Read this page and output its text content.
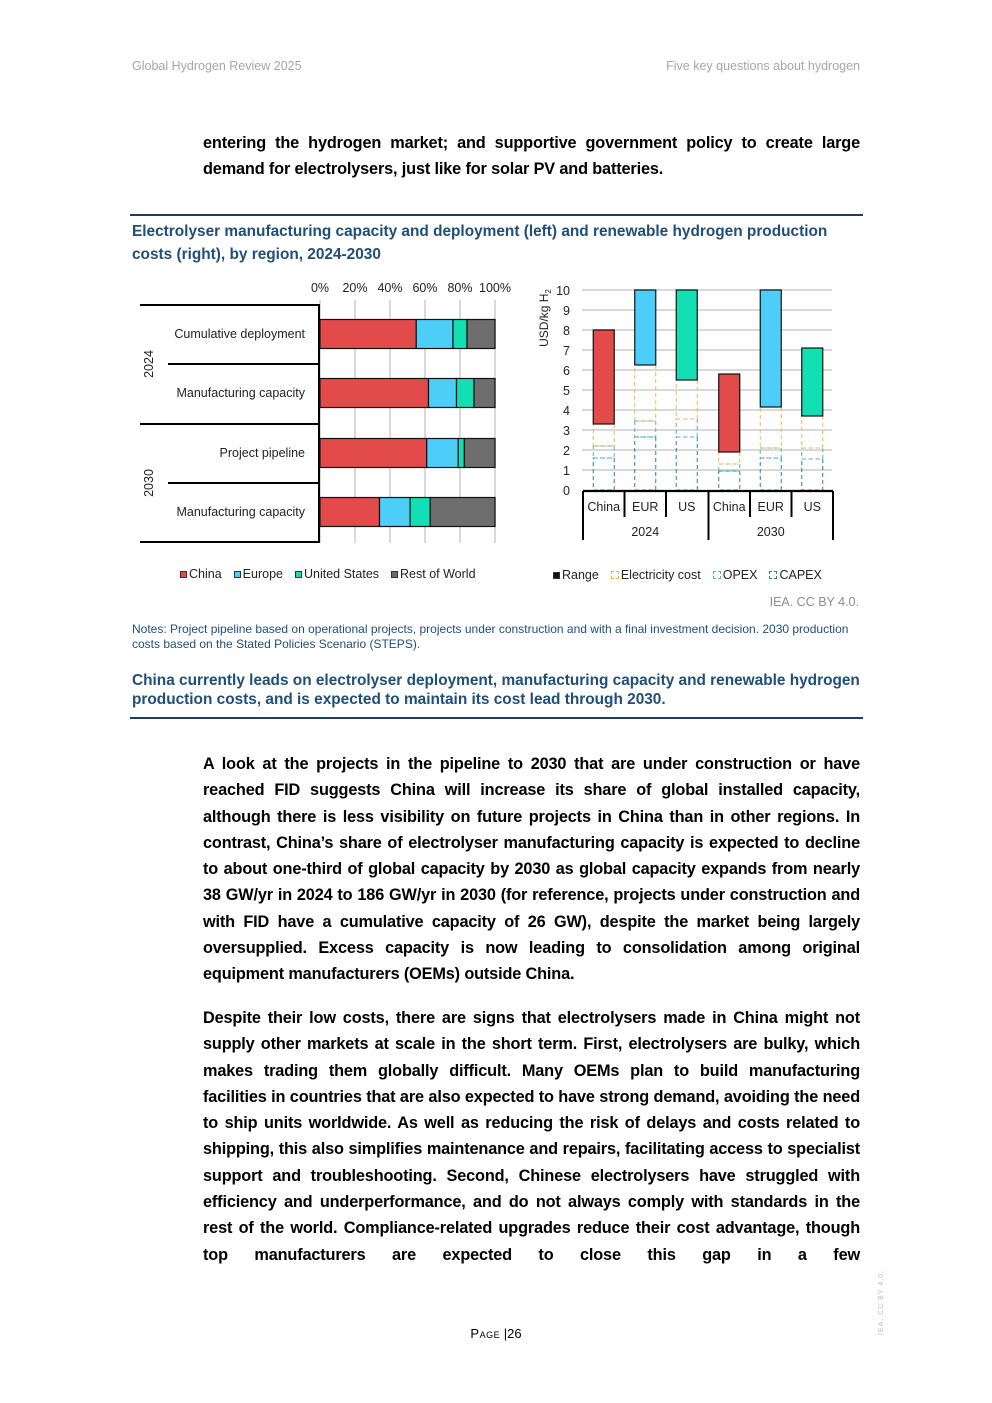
Global Hydrogen Review 2025	Five key questions about hydrogen
entering the hydrogen market; and supportive government policy to create large demand for electrolysers, just like for solar PV and batteries.
Electrolyser manufacturing capacity and deployment (left) and renewable hydrogen production costs (right), by region, 2024-2030
0% 20% 40% 60% 80% 100%
Cumulative deployment
Manufacturing capacity
Project pipeline
Manufacturing capacity
2024
2030
China Europe United States Rest of World
0
1
2
3
4
5
6
7
8
9
10
USD/kg $H_2$
China EUR US China EUR US
2024	2030
Range Electricity cost OPEX CAPEX
IEA. CC BY 4.0.
Notes: Project pipeline based on operational projects, projects under construction and with a final investment decision. 2030 production costs based on the Stated Policies Scenario (STEPS).
China currently leads on electrolyser deployment, manufacturing capacity and renewable hydrogen production costs, and is expected to maintain its cost lead through 2030.
A look at the projects in the pipeline to 2030 that are under construction or have reached FID suggests China will increase its share of global installed capacity, although there is less visibility on future projects in China than in other regions. In contrast, China’s share of electrolyser manufacturing capacity is expected to decline to about one-third of global capacity by 2030 as global capacity expands from nearly 38 GW/yr in 2024 to 186 GW/yr in 2030 (for reference, projects under construction and with FID have a cumulative capacity of 26 GW), despite the market being largely oversupplied. Excess capacity is now leading to consolidation among original equipment manufacturers (OEMs) outside China.
Despite their low costs, there are signs that electrolysers made in China might not supply other markets at scale in the short term. First, electrolysers are bulky, which makes trading them globally difficult. Many OEMs plan to build manufacturing facilities in countries that are also expected to have strong demand, avoiding the need to ship units worldwide. As well as reducing the risk of delays and costs related to shipping, this also simplifies maintenance and repairs, facilitating access to specialist support and troubleshooting. Second, Chinese electrolysers have struggled with efficiency and underperformance, and do not always comply with standards in the rest of the world. Compliance-related upgrades reduce their cost advantage, though top manufacturers are expected to close this gap in a few
Page |26	IEA. CC BY 4.0.
